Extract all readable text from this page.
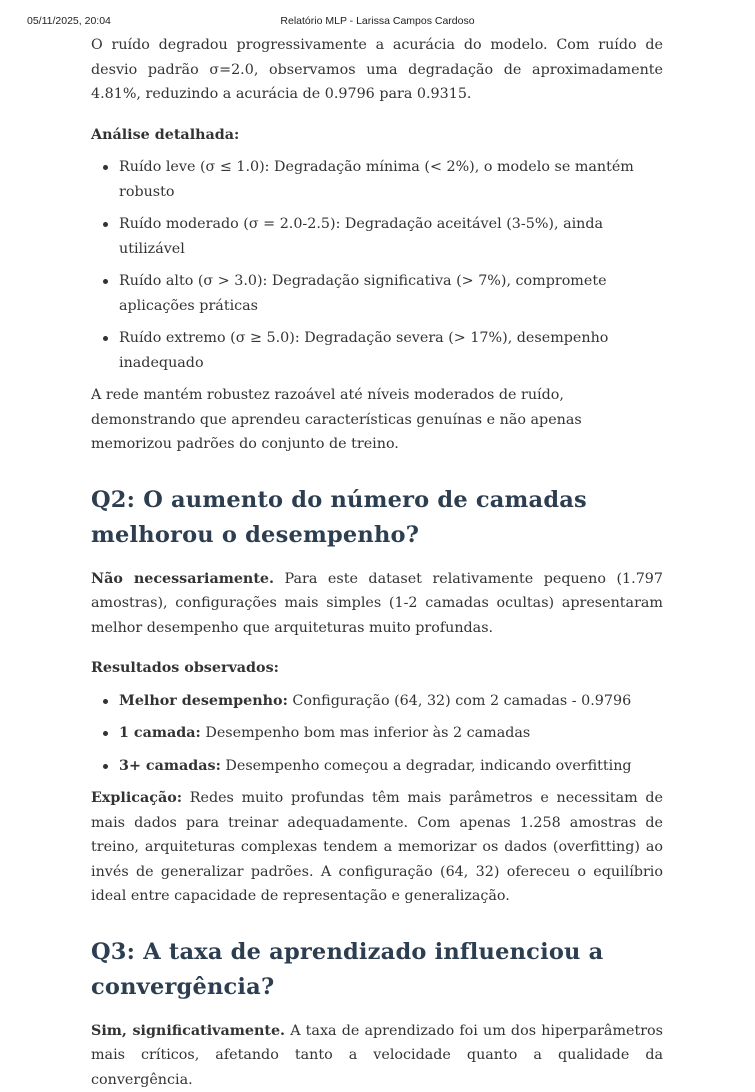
05/11/2025, 20:04	Relatório MLP - Larissa Campos Cardoso

O ruído degradou progressivamente a acurácia do modelo. Com ruído de desvio padrão σ=2.0, observamos uma degradação de aproximadamente 4.81%, reduzindo a acurácia de 0.9796 para 0.9315.

Análise detalhada:

Ruído leve (σ ≤ 1.0): Degradação mínima (< 2%), o modelo se mantém robusto
Ruído moderado (σ = 2.0-2.5): Degradação aceitável (3-5%), ainda utilizável
Ruído alto (σ > 3.0): Degradação significativa (> 7%), compromete aplicações práticas
Ruído extremo (σ ≥ 5.0): Degradação severa (> 17%), desempenho inadequado

A rede mantém robustez razoável até níveis moderados de ruído, demonstrando que aprendeu características genuínas e não apenas memorizou padrões do conjunto de treino.

Q2: O aumento do número de camadas melhorou o desempenho?

Não necessariamente. Para este dataset relativamente pequeno (1.797 amostras), configurações mais simples (1-2 camadas ocultas) apresentaram melhor desempenho que arquiteturas muito profundas.

Resultados observados:

Melhor desempenho: Configuração (64, 32) com 2 camadas - 0.9796
1 camada: Desempenho bom mas inferior às 2 camadas
3+ camadas: Desempenho começou a degradar, indicando overfitting

Explicação: Redes muito profundas têm mais parâmetros e necessitam de mais dados para treinar adequadamente. Com apenas 1.258 amostras de treino, arquiteturas complexas tendem a memorizar os dados (overfitting) ao invés de generalizar padrões. A configuração (64, 32) ofereceu o equilíbrio ideal entre capacidade de representação e generalização.

Q3: A taxa de aprendizado influenciou a convergência?

Sim, significativamente. A taxa de aprendizado foi um dos hiperparâmetros mais críticos, afetando tanto a velocidade quanto a qualidade da convergência.
